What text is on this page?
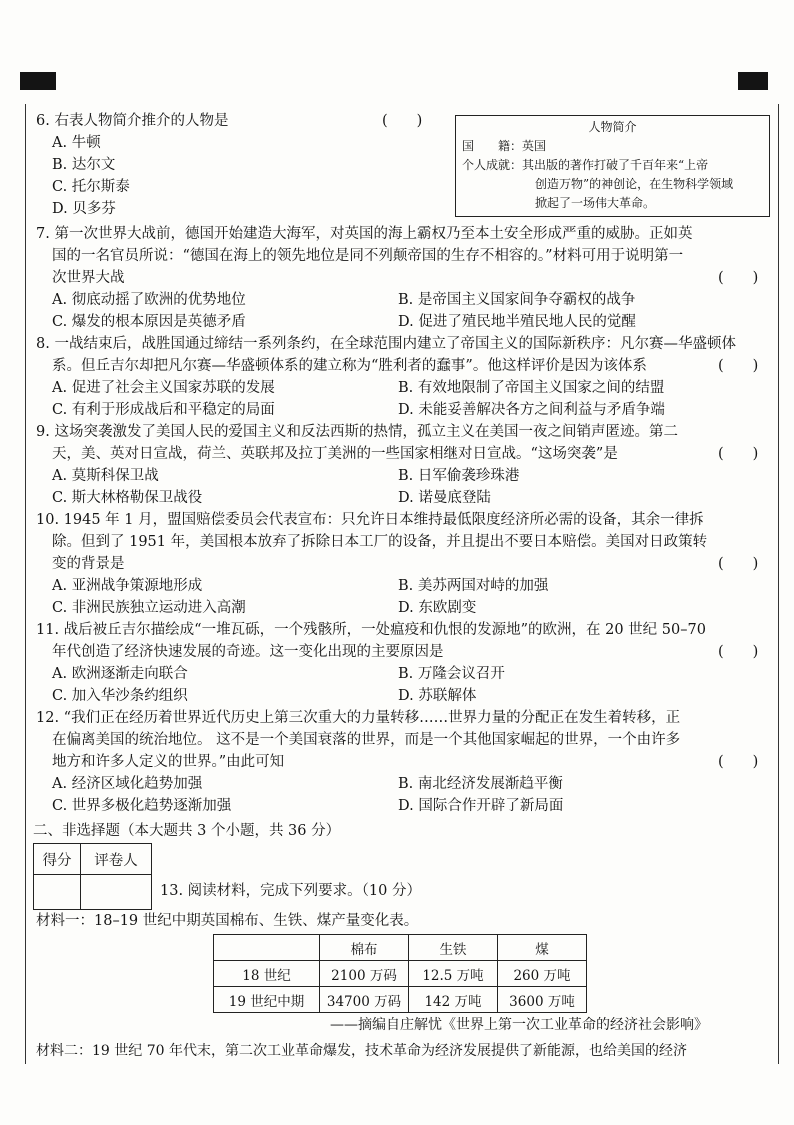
6. 右表人物简介推介的人物是	(　　)
A. 牛顿
B. 达尔文
C. 托尔斯泰
D. 贝多芬
人物简介
国　　籍：英国
个人成就：其出版的著作打破了千百年来“上帝
创造万物”的神创论，在生物科学领域
掀起了一场伟大革命。
7. 第一次世界大战前，德国开始建造大海军，对英国的海上霸权乃至本土安全形成严重的威胁。正如英
国的一名官员所说：“德国在海上的领先地位是同不列颠帝国的生存不相容的。”材料可用于说明第一
次世界大战	(　　)
A. 彻底动摇了欧洲的优势地位	B. 是帝国主义国家间争夺霸权的战争
C. 爆发的根本原因是英德矛盾	D. 促进了殖民地半殖民地人民的觉醒
8. 一战结束后，战胜国通过缔结一系列条约，在全球范围内建立了帝国主义的国际新秩序：凡尔赛—华盛顿体
系。但丘吉尔却把凡尔赛—华盛顿体系的建立称为“胜利者的蠢事”。他这样评价是因为该体系	(　　)
A. 促进了社会主义国家苏联的发展	B. 有效地限制了帝国主义国家之间的结盟
C. 有利于形成战后和平稳定的局面	D. 未能妥善解决各方之间利益与矛盾争端
9. 这场突袭激发了美国人民的爱国主义和反法西斯的热情，孤立主义在美国一夜之间销声匿迹。第二
天，美、英对日宣战，荷兰、英联邦及拉丁美洲的一些国家相继对日宣战。“这场突袭”是	(　　)
A. 莫斯科保卫战	B. 日军偷袭珍珠港
C. 斯大林格勒保卫战役	D. 诺曼底登陆
10. 1945 年 1 月，盟国赔偿委员会代表宣布：只允许日本维持最低限度经济所必需的设备，其余一律拆
除。但到了 1951 年，美国根本放弃了拆除日本工厂的设备，并且提出不要日本赔偿。美国对日政策转
变的背景是	(　　)
A. 亚洲战争策源地形成	B. 美苏两国对峙的加强
C. 非洲民族独立运动进入高潮	D. 东欧剧变
11. 战后被丘吉尔描绘成“一堆瓦砾，一个残骸所，一处瘟疫和仇恨的发源地”的欧洲，在 20 世纪 50–70
年代创造了经济快速发展的奇迹。这一变化出现的主要原因是	(　　)
A. 欧洲逐渐走向联合	B. 万隆会议召开
C. 加入华沙条约组织	D. 苏联解体
12. “我们正在经历着世界近代历史上第三次重大的力量转移……世界力量的分配正在发生着转移，正
在偏离美国的统治地位。 这不是一个美国衰落的世界，而是一个其他国家崛起的世界，一个由许多
地方和许多人定义的世界。”由此可知	(　　)
A. 经济区域化趋势加强	B. 南北经济发展渐趋平衡
C. 世界多极化趋势逐渐加强	D. 国际合作开辟了新局面
二、非选择题（本大题共 3 个小题，共 36 分）
得分	评卷人

13. 阅读材料，完成下列要求。（10 分）
材料一：18–19 世纪中期英国棉布、生铁、煤产量变化表。
	棉布	生铁	煤
18 世纪	2100 万码	12.5 万吨	260 万吨
19 世纪中期	34700 万码	142 万吨	3600 万吨
——摘编自庄解忧《世界上第一次工业革命的经济社会影响》
材料二：19 世纪 70 年代末，第二次工业革命爆发，技术革命为经济发展提供了新能源，也给美国的经济
